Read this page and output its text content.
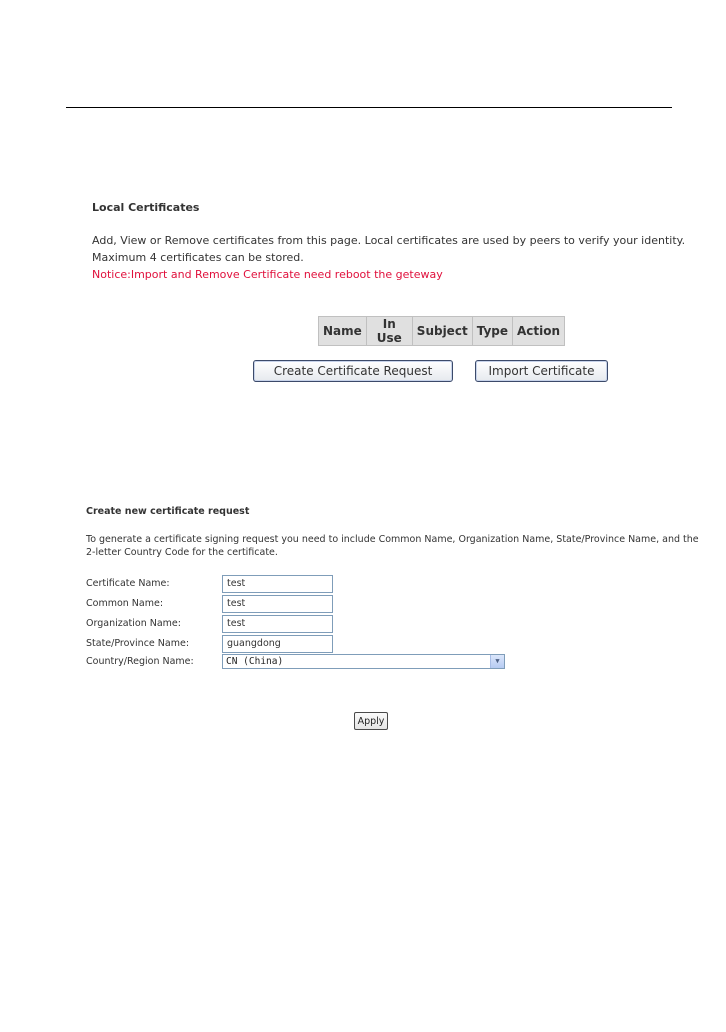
Local Certificates
Add, View or Remove certificates from this page. Local certificates are used by peers to verify your identity.
Maximum 4 certificates can be stored.
Notice:Import and Remove Certificate need reboot the geteway
Name	In Use	Subject	Type	Action
Create Certificate Request	Import Certificate
Create new certificate request
To generate a certificate signing request you need to include Common Name, Organization Name, State/Province Name, and the
2-letter Country Code for the certificate.
Certificate Name:	test
Common Name:	test
Organization Name:	test
State/Province Name:	guangdong
Country/Region Name:	CN (China)	▼
Apply
